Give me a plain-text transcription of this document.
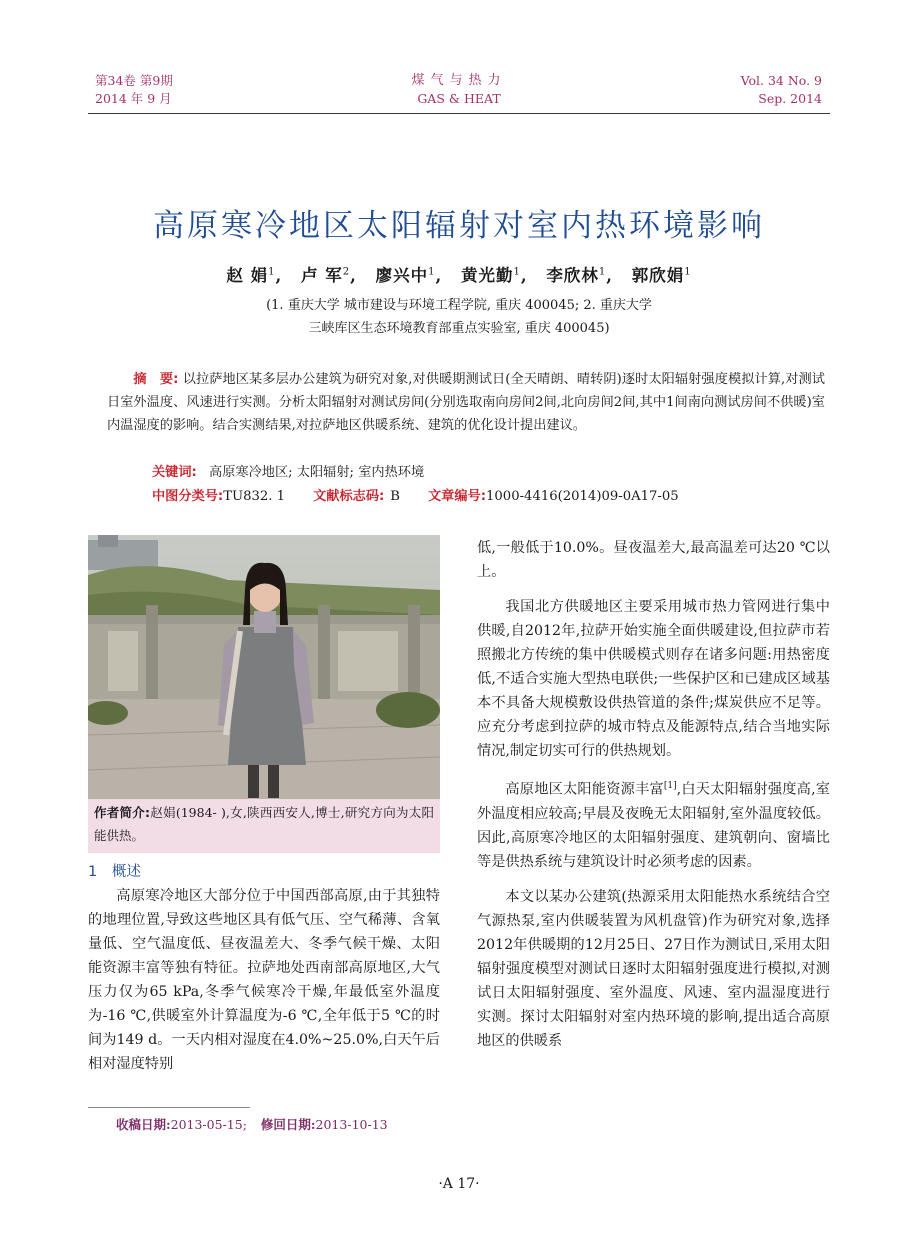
第34卷 第9期
2014 年 9 月
煤气与热力
GAS & HEAT
Vol. 34 No. 9
Sep. 2014
高原寒冷地区太阳辐射对室内热环境影响
赵 娟$^1$, 卢 军$^2$, 廖兴中$^1$, 黄光勤$^1$, 李欣林$^1$, 郭欣娟$^1$
(1. 重庆大学 城市建设与环境工程学院, 重庆 400045; 2. 重庆大学
三峡库区生态环境教育部重点实验室, 重庆 400045)
摘　要: 以拉萨地区某多层办公建筑为研究对象,对供暖期测试日(全天晴朗、晴转阴)逐时太阳辐射强度模拟计算,对测试日室外温度、风速进行实测。分析太阳辐射对测试房间(分别选取南向房间2间,北向房间2间,其中1间南向测试房间不供暖)室内温湿度的影响。结合实测结果,对拉萨地区供暖系统、建筑的优化设计提出建议。
关键词: 高原寒冷地区; 太阳辐射; 室内热环境
中图分类号:TU832. 1 文献标志码: B 文章编号:1000-4416(2014)09-0A17-05
作者简介:赵娟(1984- ),女,陕西西安人,博士,研究方向为太阳能供热。
1 概述

高原寒冷地区大部分位于中国西部高原,由于其独特的地理位置,导致这些地区具有低气压、空气稀薄、含氧量低、空气温度低、昼夜温差大、冬季气候干燥、太阳能资源丰富等独有特征。拉萨地处西南部高原地区,大气压力仅为65 kPa,冬季气候寒冷干燥,年最低室外温度为-16 ℃,供暖室外计算温度为-6 ℃,全年低于5 ℃的时间为149 d。一天内相对湿度在4.0%~25.0%,白天午后相对湿度特别

低,一般低于10.0%。昼夜温差大,最高温差可达20 ℃以上。

我国北方供暖地区主要采用城市热力管网进行集中供暖,自2012年,拉萨开始实施全面供暖建设,但拉萨市若照搬北方传统的集中供暖模式则存在诸多问题:用热密度低,不适合实施大型热电联供;一些保护区和已建成区域基本不具备大规模敷设供热管道的条件;煤炭供应不足等。应充分考虑到拉萨的城市特点及能源特点,结合当地实际情况,制定切实可行的供热规划。

高原地区太阳能资源丰富[1],白天太阳辐射强度高,室外温度相应较高;早晨及夜晚无太阳辐射,室外温度较低。因此,高原寒冷地区的太阳辐射强度、建筑朝向、窗墙比等是供热系统与建筑设计时必须考虑的因素。

本文以某办公建筑(热源采用太阳能热水系统结合空气源热泵,室内供暖装置为风机盘管)作为研究对象,选择2012年供暖期的12月25日、27日作为测试日,采用太阳辐射强度模型对测试日逐时太阳辐射强度进行模拟,对测试日太阳辐射强度、室外温度、风速、室内温湿度进行实测。探讨太阳辐射对室内热环境的影响,提出适合高原地区的供暖系

收稿日期:2013-05-15; 修回日期:2013-10-13
·A 17·
